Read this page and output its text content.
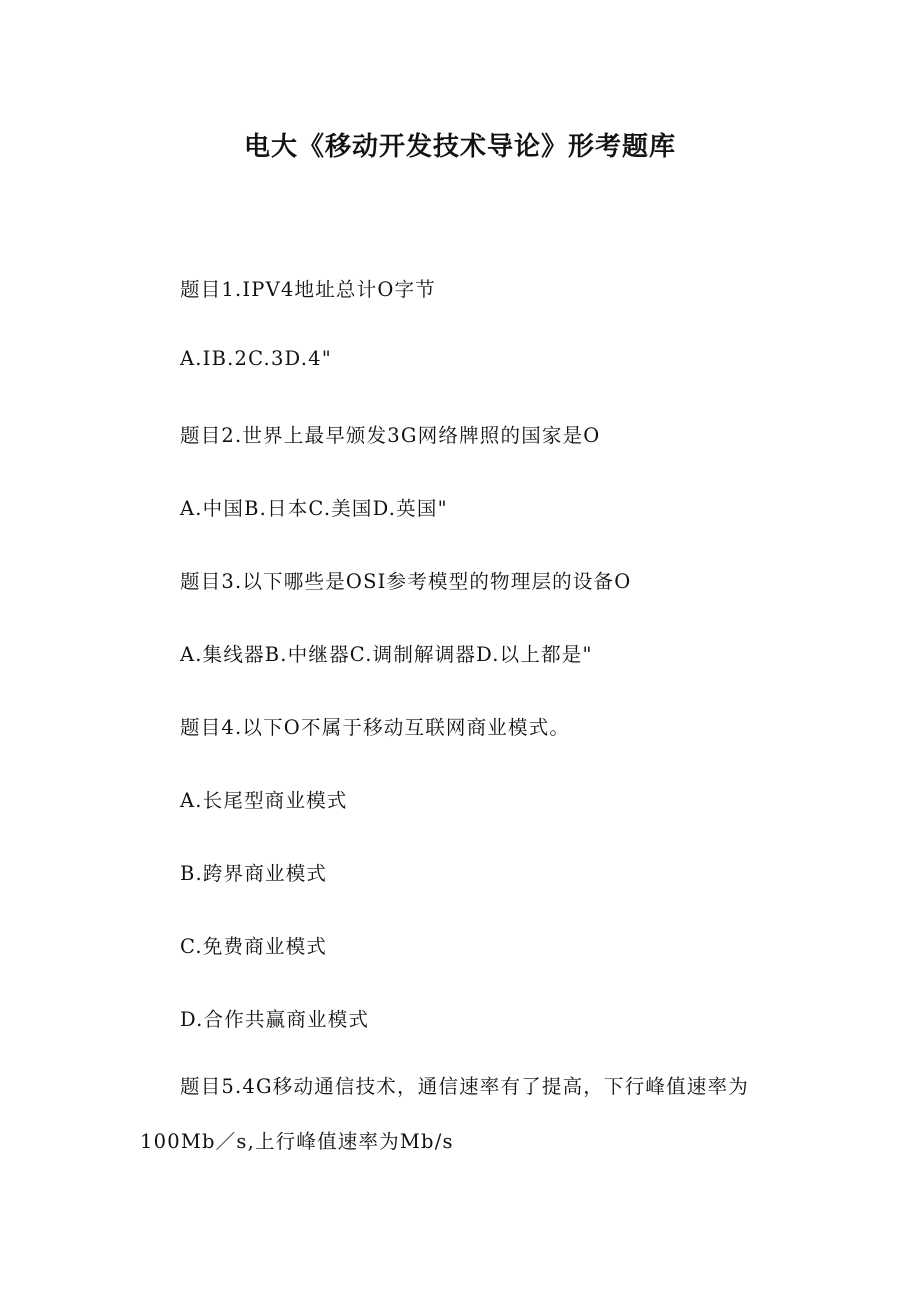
电大《移动开发技术导论》形考题库

题目1.IPV4地址总计O字节

A.IB.2C.3D.4"

题目2.世界上最早颁发3G网络牌照的国家是O

A.中国B.日本C.美国D.英国"

题目3.以下哪些是OSI参考模型的物理层的设备O

A.集线器B.中继器C.调制解调器D.以上都是"

题目4.以下O不属于移动互联网商业模式。

A.长尾型商业模式

B.跨界商业模式

C.免费商业模式

D.合作共赢商业模式

题目5.4G移动通信技术，通信速率有了提高，下行峰值速率为100Mb／s,上行峰值速率为Mb/s
